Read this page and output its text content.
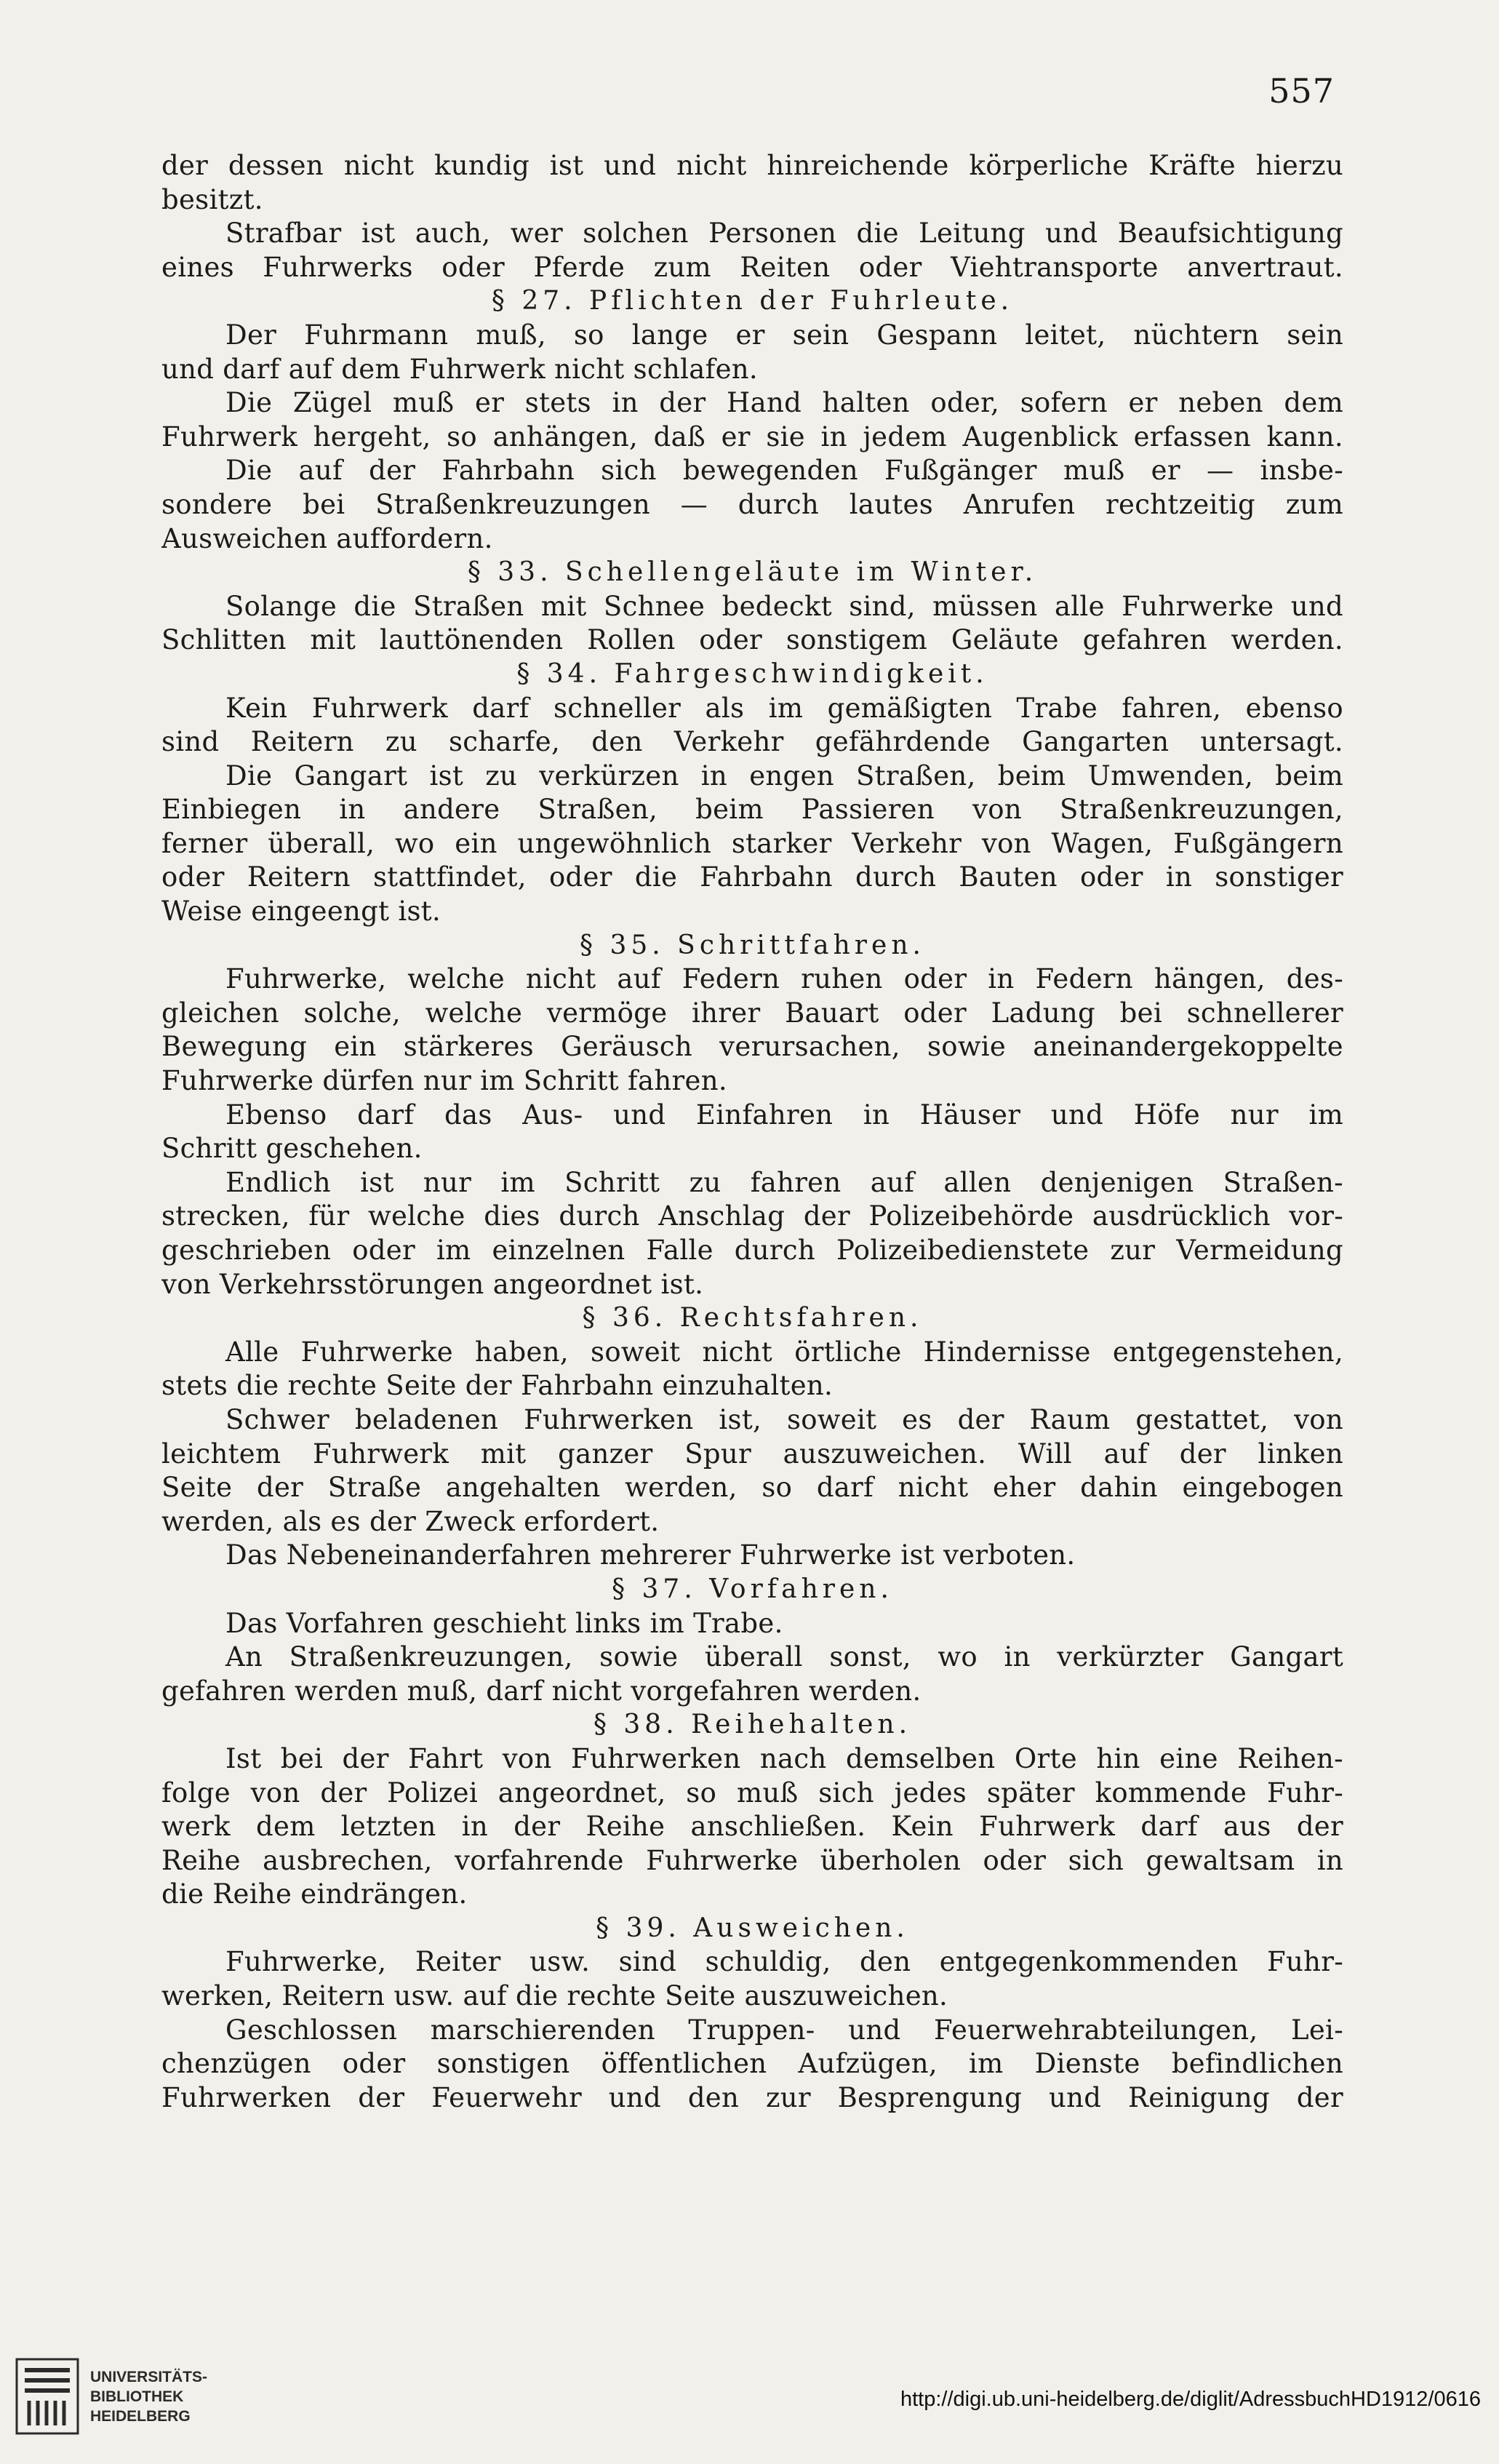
557
der dessen nicht kundig ist und nicht hinreichende körperliche Kräfte hierzu
besitzt.
Strafbar ist auch, wer solchen Personen die Leitung und Beaufsichtigung
eines Fuhrwerks oder Pferde zum Reiten oder Viehtransporte anvertraut.
§ 27. Pflichten der Fuhrleute.
Der Fuhrmann muß, so lange er sein Gespann leitet, nüchtern sein
und darf auf dem Fuhrwerk nicht schlafen.
Die Zügel muß er stets in der Hand halten oder, sofern er neben dem
Fuhrwerk hergeht, so anhängen, daß er sie in jedem Augenblick erfassen kann.
Die auf der Fahrbahn sich bewegenden Fußgänger muß er — insbe-
sondere bei Straßenkreuzungen — durch lautes Anrufen rechtzeitig zum
Ausweichen auffordern.
§ 33. Schellengeläute im Winter.
Solange die Straßen mit Schnee bedeckt sind, müssen alle Fuhrwerke und
Schlitten mit lauttönenden Rollen oder sonstigem Geläute gefahren werden.
§ 34. Fahrgeschwindigkeit.
Kein Fuhrwerk darf schneller als im gemäßigten Trabe fahren, ebenso
sind Reitern zu scharfe, den Verkehr gefährdende Gangarten untersagt.
Die Gangart ist zu verkürzen in engen Straßen, beim Umwenden, beim
Einbiegen in andere Straßen, beim Passieren von Straßenkreuzungen,
ferner überall, wo ein ungewöhnlich starker Verkehr von Wagen, Fußgängern
oder Reitern stattfindet, oder die Fahrbahn durch Bauten oder in sonstiger
Weise eingeengt ist.
§ 35. Schrittfahren.
Fuhrwerke, welche nicht auf Federn ruhen oder in Federn hängen, des-
gleichen solche, welche vermöge ihrer Bauart oder Ladung bei schnellerer
Bewegung ein stärkeres Geräusch verursachen, sowie aneinandergekoppelte
Fuhrwerke dürfen nur im Schritt fahren.
Ebenso darf das Aus- und Einfahren in Häuser und Höfe nur im
Schritt geschehen.
Endlich ist nur im Schritt zu fahren auf allen denjenigen Straßen-
strecken, für welche dies durch Anschlag der Polizeibehörde ausdrücklich vor-
geschrieben oder im einzelnen Falle durch Polizeibedienstete zur Vermeidung
von Verkehrsstörungen angeordnet ist.
§ 36. Rechtsfahren.
Alle Fuhrwerke haben, soweit nicht örtliche Hindernisse entgegenstehen,
stets die rechte Seite der Fahrbahn einzuhalten.
Schwer beladenen Fuhrwerken ist, soweit es der Raum gestattet, von
leichtem Fuhrwerk mit ganzer Spur auszuweichen. Will auf der linken
Seite der Straße angehalten werden, so darf nicht eher dahin eingebogen
werden, als es der Zweck erfordert.
Das Nebeneinanderfahren mehrerer Fuhrwerke ist verboten.
§ 37. Vorfahren.
Das Vorfahren geschieht links im Trabe.
An Straßenkreuzungen, sowie überall sonst, wo in verkürzter Gangart
gefahren werden muß, darf nicht vorgefahren werden.
§ 38. Reihehalten.
Ist bei der Fahrt von Fuhrwerken nach demselben Orte hin eine Reihen-
folge von der Polizei angeordnet, so muß sich jedes später kommende Fuhr-
werk dem letzten in der Reihe anschließen. Kein Fuhrwerk darf aus der
Reihe ausbrechen, vorfahrende Fuhrwerke überholen oder sich gewaltsam in
die Reihe eindrängen.
§ 39. Ausweichen.
Fuhrwerke, Reiter usw. sind schuldig, den entgegenkommenden Fuhr-
werken, Reitern usw. auf die rechte Seite auszuweichen.
Geschlossen marschierenden Truppen- und Feuerwehrabteilungen, Lei-
chenzügen oder sonstigen öffentlichen Aufzügen, im Dienste befindlichen
Fuhrwerken der Feuerwehr und den zur Besprengung und Reinigung der
UNIVERSITÄTS-
BIBLIOTHEK
HEIDELBERG
http://digi.ub.uni-heidelberg.de/diglit/AdressbuchHD1912/0616
